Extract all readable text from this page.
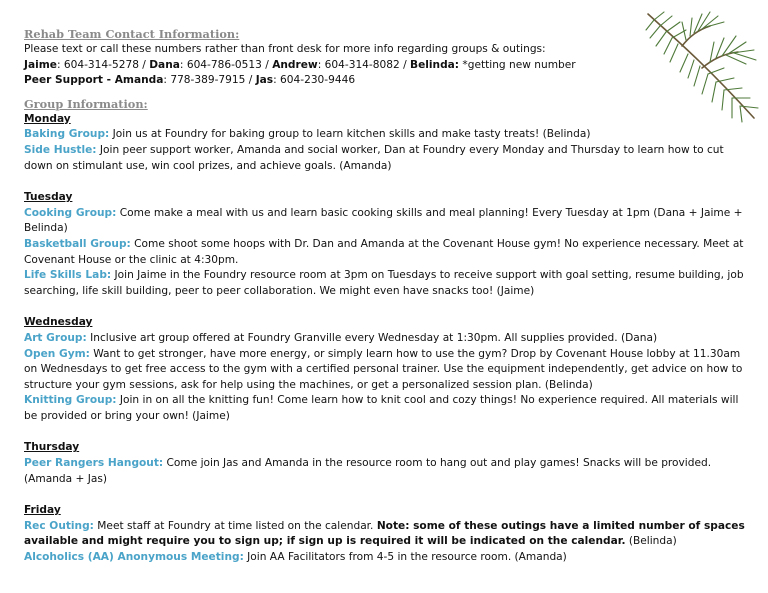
Rehab Team Contact Information:
Please text or call these numbers rather than front desk for more info regarding groups & outings:
Jaime: 604-314-5278 / Dana: 604-786-0513 / Andrew: 604-314-8082 / Belinda: *getting new number
Peer Support - Amanda: 778-389-7915 / Jas: 604-230-9446
Group Information:
Monday
Baking Group: Join us at Foundry for baking group to learn kitchen skills and make tasty treats! (Belinda)
Side Hustle: Join peer support worker, Amanda and social worker, Dan at Foundry every Monday and Thursday to learn how to cut down on stimulant use, win cool prizes, and achieve goals. (Amanda)
Tuesday
Cooking Group: Come make a meal with us and learn basic cooking skills and meal planning! Every Tuesday at 1pm (Dana + Jaime + Belinda)
Basketball Group: Come shoot some hoops with Dr. Dan and Amanda at the Covenant House gym! No experience necessary. Meet at Covenant House or the clinic at 4:30pm.
Life Skills Lab: Join Jaime in the Foundry resource room at 3pm on Tuesdays to receive support with goal setting, resume building, job searching, life skill building, peer to peer collaboration. We might even have snacks too! (Jaime)
Wednesday
Art Group: Inclusive art group offered at Foundry Granville every Wednesday at 1:30pm. All supplies provided. (Dana)
Open Gym: Want to get stronger, have more energy, or simply learn how to use the gym? Drop by Covenant House lobby at 11.30am on Wednesdays to get free access to the gym with a certified personal trainer. Use the equipment independently, get advice on how to structure your gym sessions, ask for help using the machines, or get a personalized session plan. (Belinda)
Knitting Group: Join in on all the knitting fun! Come learn how to knit cool and cozy things! No experience required. All materials will be provided or bring your own! (Jaime)
Thursday
Peer Rangers Hangout: Come join Jas and Amanda in the resource room to hang out and play games! Snacks will be provided. (Amanda + Jas)
Friday
Rec Outing: Meet staff at Foundry at time listed on the calendar. Note: some of these outings have a limited number of spaces available and might require you to sign up; if sign up is required it will be indicated on the calendar. (Belinda)
Alcoholics (AA) Anonymous Meeting: Join AA Facilitators from 4-5 in the resource room. (Amanda)
